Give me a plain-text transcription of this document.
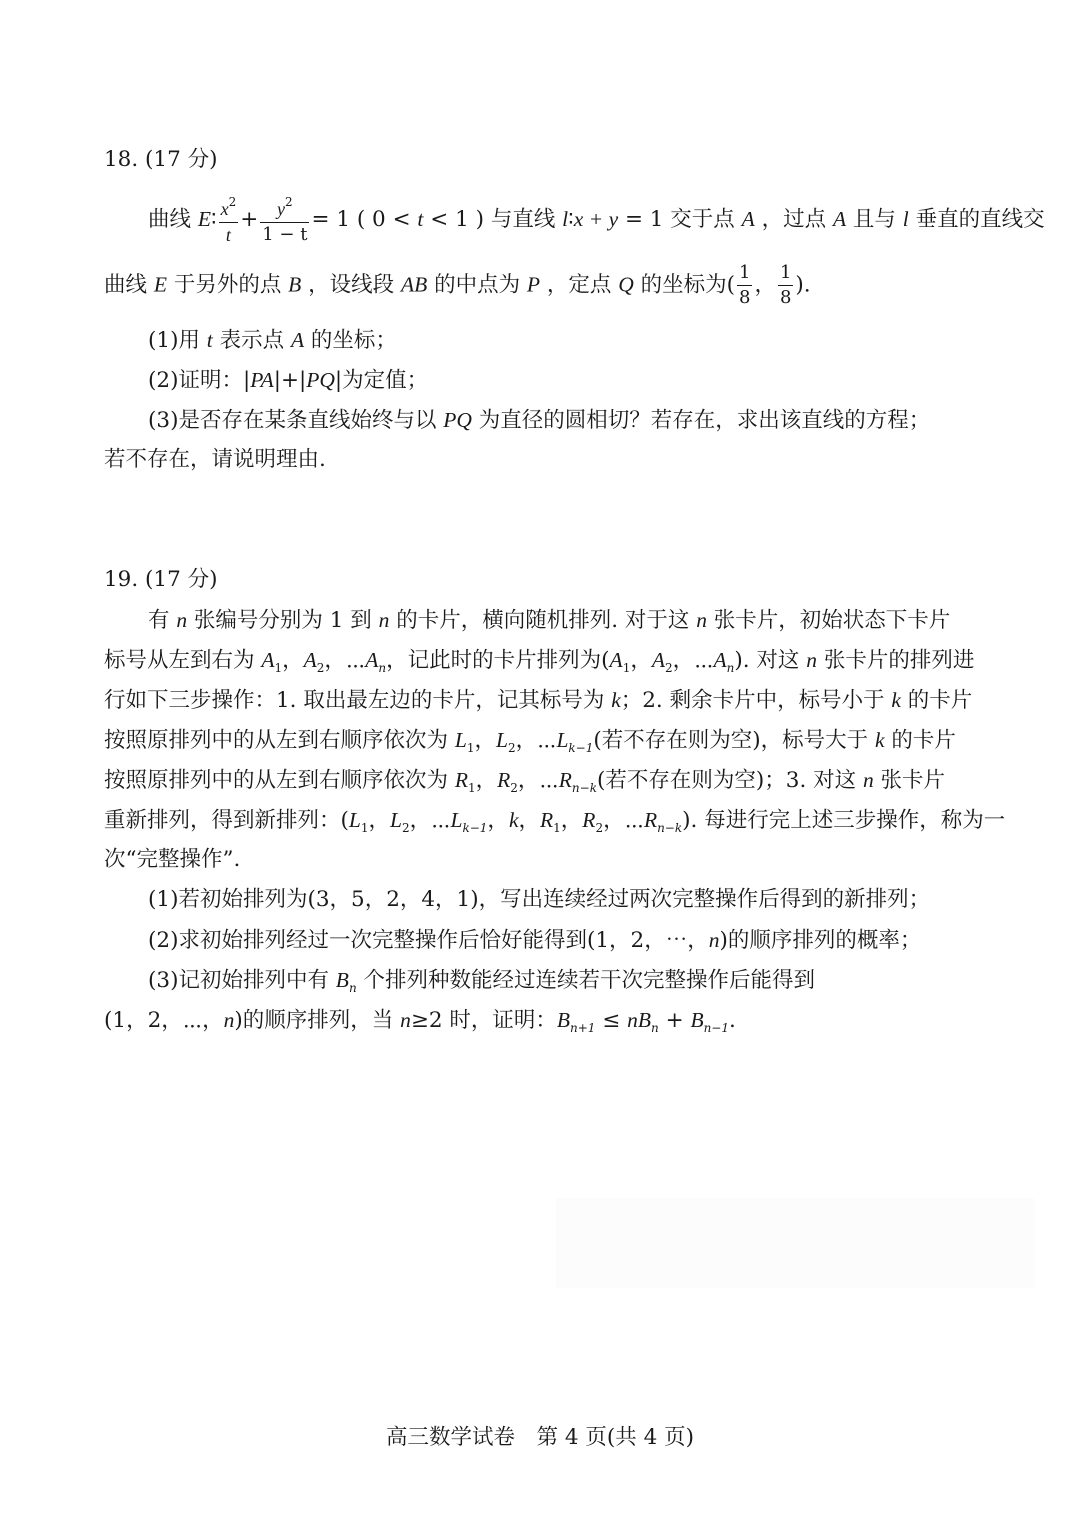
18. (17 分)
曲线 E∶ $\frac{x^2}{t} + \frac{y^2}{1 - t} = 1$ ( 0 < t < 1 ) 与直线 l∶x + y = 1 交于点 A ，过点 A 且与 l 垂直的直线交
曲线 E 于另外的点 B ，设线段 AB 的中点为 P ，定点 Q 的坐标为( $\frac{1}{8}$ ， $\frac{1}{8}$ ).
(1)用 t 表示点 A 的坐标；
(2)证明：|PA|+|PQ|为定值；
(3)是否存在某条直线始终与以 PQ 为直径的圆相切？若存在，求出该直线的方程；
若不存在，请说明理由.
19. (17 分)
有 n 张编号分别为 1 到 n 的卡片，横向随机排列. 对于这 n 张卡片，初始状态下卡片
标号从左到右为 $A_1$，$A_2$，$\cdots A_n$，记此时的卡片排列为($A_1$，$A_2$，$\cdots A_n$). 对这 n 张卡片的排列进
行如下三步操作：1. 取出最左边的卡片，记其标号为 k；2. 剩余卡片中，标号小于 k 的卡片
按照原排列中的从左到右顺序依次为 $L_1$，$L_2$，$\cdots L_{k-1}$(若不存在则为空)，标号大于 k 的卡片
按照原排列中的从左到右顺序依次为 $R_1$，$R_2$，$\cdots R_{n-k}$(若不存在则为空)；3. 对这 n 张卡片
重新排列，得到新排列：($L_1$，$L_2$，$\cdots L_{k-1}$，k，$R_1$，$R_2$，$\cdots R_{n-k}$). 每进行完上述三步操作，称为一
次“完整操作”.
(1)若初始排列为(3，5，2，4，1)，写出连续经过两次完整操作后得到的新排列；
(2)求初始排列经过一次完整操作后恰好能得到(1，2，⋯，n)的顺序排列的概率；
(3)记初始排列中有 $B_n$ 个排列种数能经过连续若干次完整操作后能得到
(1，2，⋯，n)的顺序排列，当 n≥2 时，证明：$B_{n+1} \le nB_n + B_{n-1}$.
高三数学试卷　第 4 页(共 4 页)
